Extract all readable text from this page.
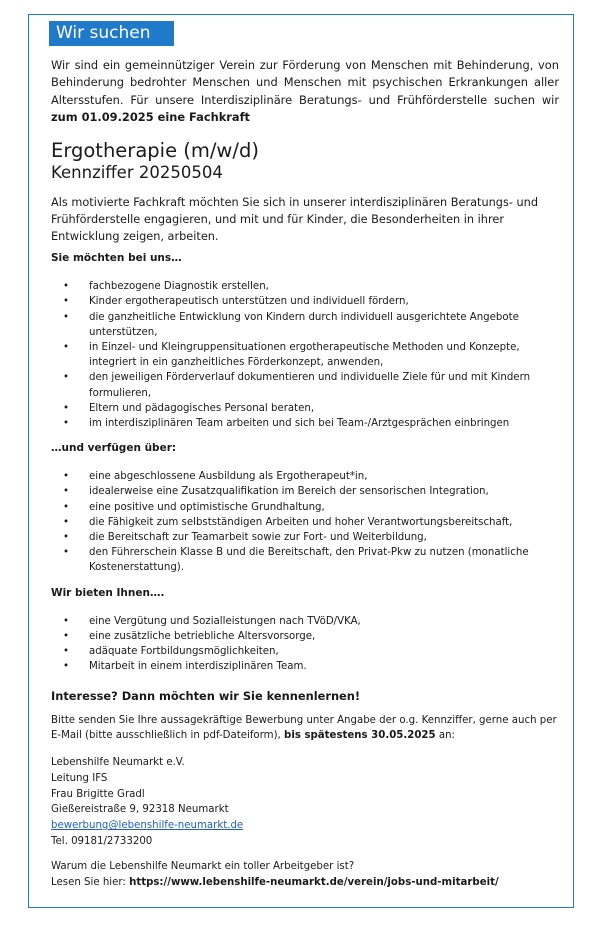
Wir suchen

Wir sind ein gemeinnütziger Verein zur Förderung von Menschen mit Behinderung, von Behinderung bedrohter Menschen und Menschen mit psychischen Erkrankungen aller Altersstufen. Für unsere Interdisziplinäre Beratungs- und Frühförderstelle suchen wir zum 01.09.2025 eine Fachkraft

Ergotherapie (m/w/d)
Kennziffer 20250504

Als motivierte Fachkraft möchten Sie sich in unserer interdisziplinären Beratungs- und Frühförderstelle engagieren, und mit und für Kinder, die Besonderheiten in ihrer Entwicklung zeigen, arbeiten.

Sie möchten bei uns…
• fachbezogene Diagnostik erstellen,
• Kinder ergotherapeutisch unterstützen und individuell fördern,
• die ganzheitliche Entwicklung von Kindern durch individuell ausgerichtete Angebote unterstützen,
• in Einzel- und Kleingruppensituationen ergotherapeutische Methoden und Konzepte, integriert in ein ganzheitliches Förderkonzept, anwenden,
• den jeweiligen Förderverlauf dokumentieren und individuelle Ziele für und mit Kindern formulieren,
• Eltern und pädagogisches Personal beraten,
• im interdisziplinären Team arbeiten und sich bei Team-/Arztgesprächen einbringen
…und verfügen über:
• eine abgeschlossene Ausbildung als Ergotherapeut*in,
• idealerweise eine Zusatzqualifikation im Bereich der sensorischen Integration,
• eine positive und optimistische Grundhaltung,
• die Fähigkeit zum selbstständigen Arbeiten und hoher Verantwortungsbereitschaft,
• die Bereitschaft zur Teamarbeit sowie zur Fort- und Weiterbildung,
• den Führerschein Klasse B und die Bereitschaft, den Privat-Pkw zu nutzen (monatliche Kostenerstattung).
Wir bieten Ihnen….
• eine Vergütung und Sozialleistungen nach TVöD/VKA,
• eine zusätzliche betriebliche Altersvorsorge,
• adäquate Fortbildungsmöglichkeiten,
• Mitarbeit in einem interdisziplinären Team.
Interesse? Dann möchten wir Sie kennenlernen!

Bitte senden Sie Ihre aussagekräftige Bewerbung unter Angabe der o.g. Kennziffer, gerne auch per E-Mail (bitte ausschließlich in pdf-Dateiform), bis spätestens 30.05.2025 an:

Lebenshilfe Neumarkt e.V.
Leitung IFS
Frau Brigitte Gradl
Gießereistraße 9, 92318 Neumarkt
bewerbung@lebenshilfe-neumarkt.de
Tel. 09181/2733200
Warum die Lebenshilfe Neumarkt ein toller Arbeitgeber ist?
Lesen Sie hier: https://www.lebenshilfe-neumarkt.de/verein/jobs-und-mitarbeit/
